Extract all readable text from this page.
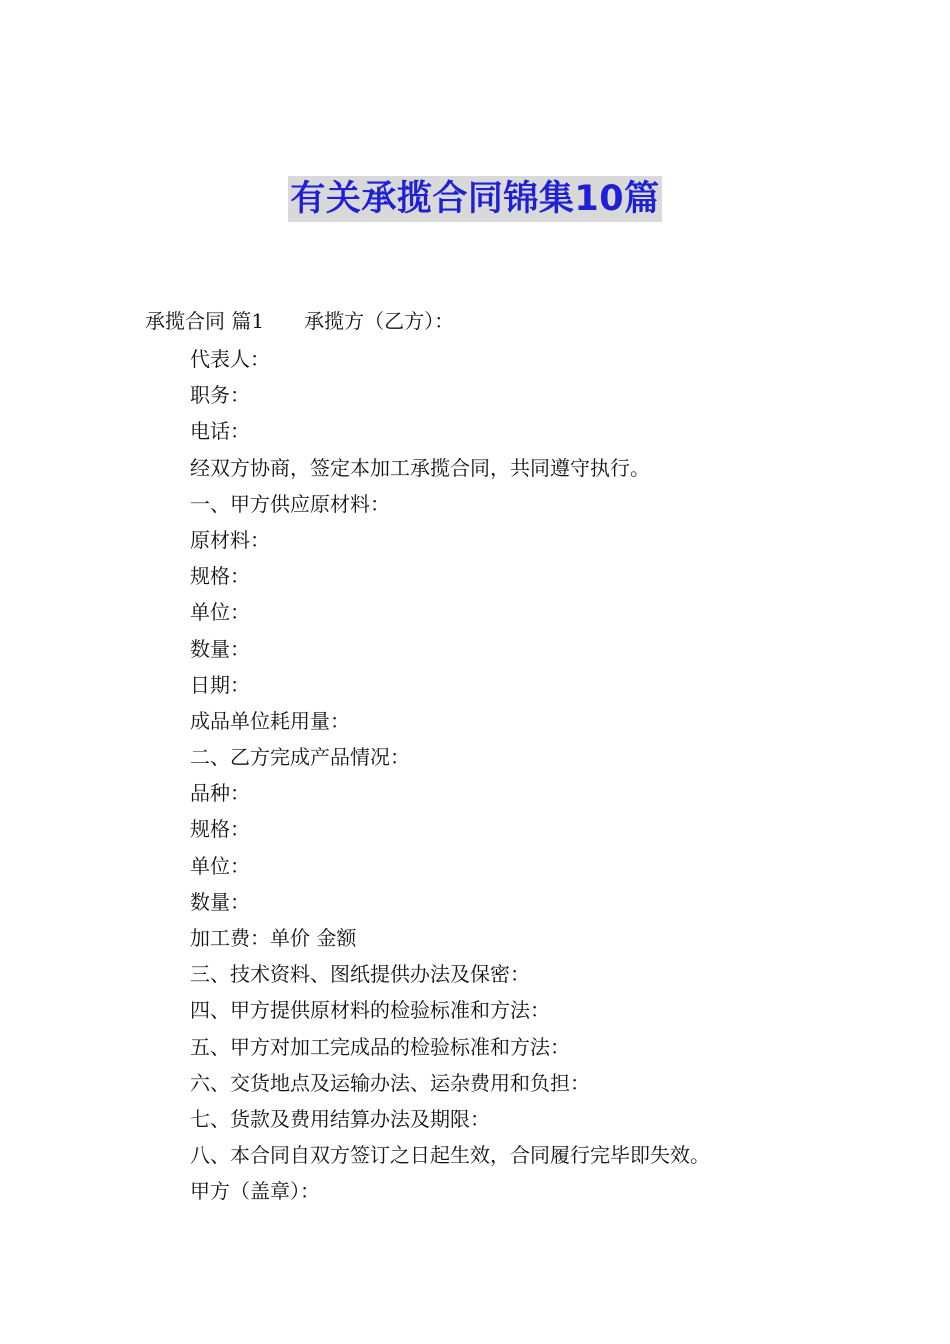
有关承揽合同锦集10篇
承揽合同 篇1 承揽方（乙方）：
代表人：
职务：
电话：
经双方协商，签定本加工承揽合同，共同遵守执行。
一、甲方供应原材料：
原材料：
规格：
单位：
数量：
日期：
成品单位耗用量：
二、乙方完成产品情况：
品种：
规格：
单位：
数量：
加工费：单价 金额
三、技术资料、图纸提供办法及保密：
四、甲方提供原材料的检验标准和方法：
五、甲方对加工完成品的检验标准和方法：
六、交货地点及运输办法、运杂费用和负担：
七、货款及费用结算办法及期限：
八、本合同自双方签订之日起生效，合同履行完毕即失效。
甲方（盖章）：
